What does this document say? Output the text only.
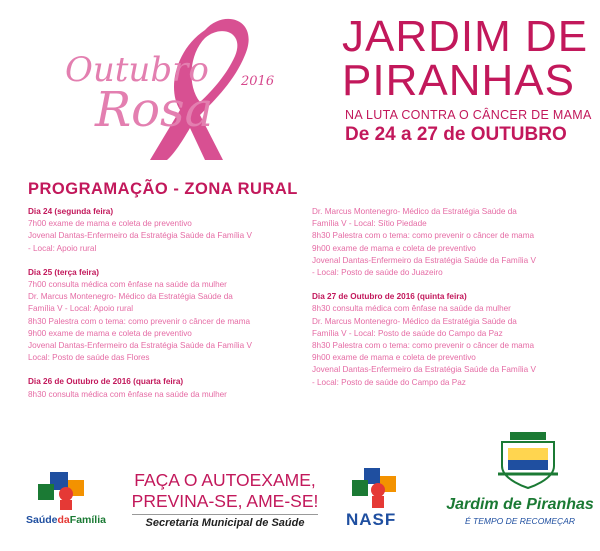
Outubro
Rosa
2016
JARDIM DE
PIRANHAS
NA LUTA CONTRA O CÂNCER DE MAMA
De 24 a 27 de OUTUBRO
PROGRAMAÇÃO - ZONA RURAL

Dia 24 (segunda feira)

7h00 exame de mama e coleta de preventivo

Jovenal Dantas-Enfermeiro da Estratégia Saúde da Família V

- Local: Apoio rural

Dia 25 (terça feira)

7h00 consulta médica com ênfase na saúde da mulher

Dr. Marcus Montenegro- Médico da Estratégia Saúde da

Família V - Local: Apoio rural

8h30 Palestra com o tema: como prevenir o câncer de mama

9h00 exame de mama e coleta de preventivo

Jovenal Dantas-Enfermeiro da Estratégia Saúde da Família V

Local: Posto de saúde das Flores

Dia 26 de Outubro de 2016 (quarta feira)

8h30 consulta médica com ênfase na saúde da mulher

Dr. Marcus Montenegro- Médico da Estratégia Saúde da

Família V - Local: Sítio Piedade

8h30 Palestra com o tema: como prevenir o câncer de mama

9h00 exame de mama e coleta de preventivo

Jovenal Dantas-Enfermeiro da Estratégia Saúde da Família V

- Local: Posto de saúde do Juazeiro

Dia 27 de Outubro de 2016 (quinta feira)

8h30 consulta médica com ênfase na saúde da mulher

Dr. Marcus Montenegro- Médico da Estratégia Saúde da

Família V - Local: Posto de saúde do Campo da Paz

8h30 Palestra com o tema: como prevenir o câncer de mama

9h00 exame de mama e coleta de preventivo

Jovenal Dantas-Enfermeiro da Estratégia Saúde da Família V

- Local: Posto de saúde do Campo da Paz

SaúdedaFamília
FAÇA O AUTOEXAME,
PREVINA-SE, AME-SE!
Secretaria Municipal de Saúde	NASF
Jardim de Piranhas
É TEMPO DE RECOMEÇAR
